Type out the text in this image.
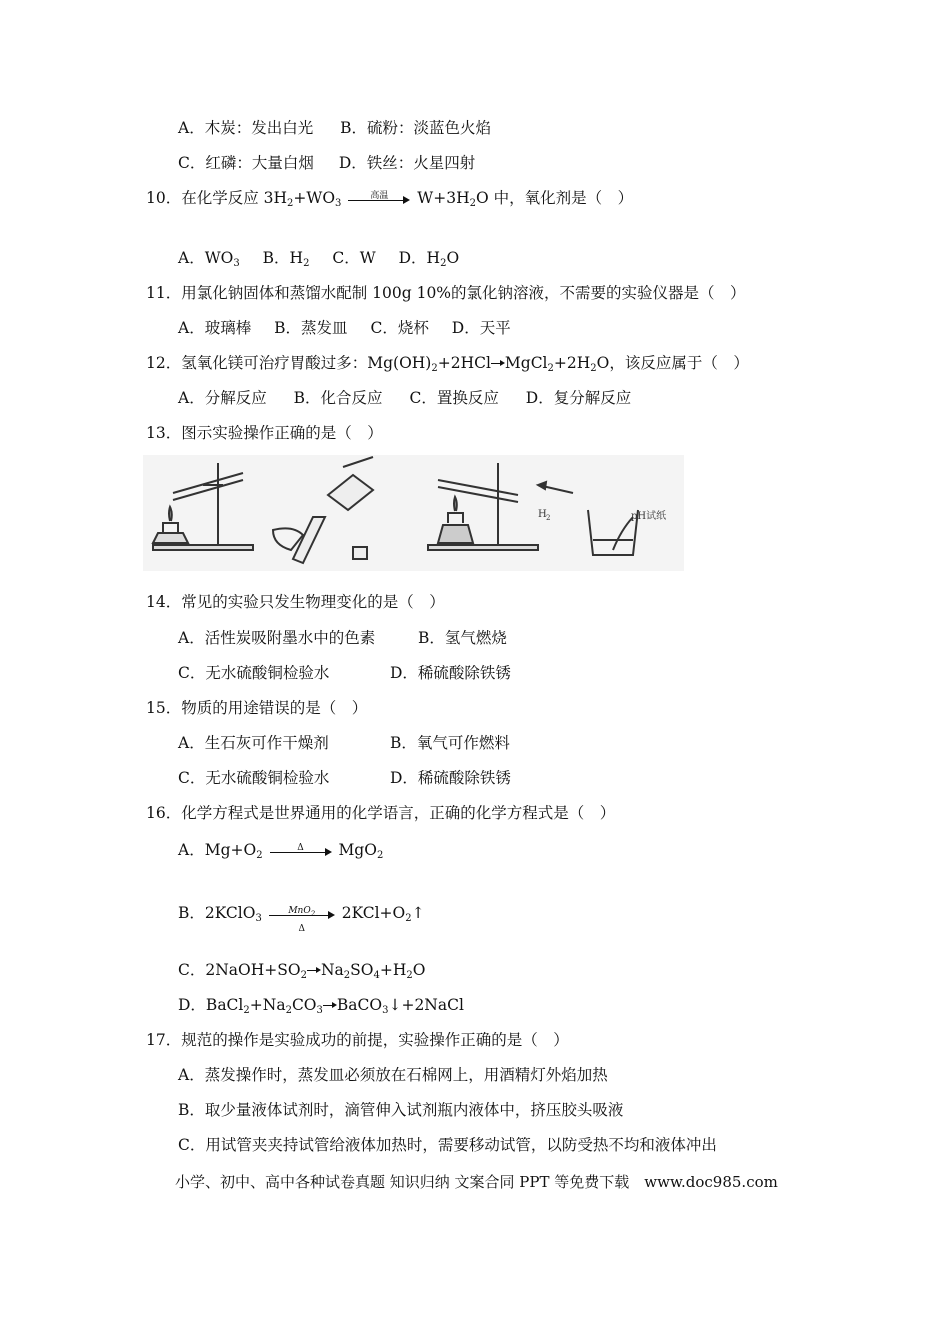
A．木炭：发出白光 B．硫粉：淡蓝色火焰
C．红磷：大量白烟 D．铁丝：火星四射
10．在化学反应 $3H_2+WO_3$
高温	$W+3H_2O$ 中，氧化剂是（　）
A．$WO_3$ B．$H_2$ C．W D．$H_2O$
11．用氯化钠固体和蒸馏水配制 100g 10%的氯化钠溶液，不需要的实验仪器是（　）
A．玻璃棒 B．蒸发皿 C．烧杯 D．天平
12．氢氧化镁可治疗胃酸过多：$Mg(OH)_2+2HCl$ $MgCl_2+2H_2O$，该反应属于（　）
A．分解反应 B．化合反应 C．置换反应 D．复分解反应
13．图示实验操作正确的是（　）
H 2	pH试纸
14．常见的实验只发生物理变化的是（　）
A．活性炭吸附墨水中的色素	B．氢气燃烧
C．无水硫酸铜检验水	D．稀硫酸除铁锈
15．物质的用途错误的是（　）
A．生石灰可作干燥剂	B．氧气可作燃料
C．无水硫酸铜检验水	D．稀硫酸除铁锈
16．化学方程式是世界通用的化学语言，正确的化学方程式是（　）
A．$Mg+O_2$
Δ	MgO$_2$
B．2KClO$_3$
MnO$_2$
Δ
$2KCl+O_2↑$
C．$2NaOH+SO_2$ $Na_2SO_4+H_2O$
D．$BaCl_2+Na_2CO_3$ BaCO$_3$↓+2NaCl
17．规范的操作是实验成功的前提，实验操作正确的是（　）
A．蒸发操作时，蒸发皿必须放在石棉网上，用酒精灯外焰加热
B．取少量液体试剂时，滴管伸入试剂瓶内液体中，挤压胶头吸液
C．用试管夹夹持试管给液体加热时，需要移动试管，以防受热不均和液体冲出
小学、初中、高中各种试卷真题 知识归纳 文案合同 PPT 等免费下载　www.doc985.com
